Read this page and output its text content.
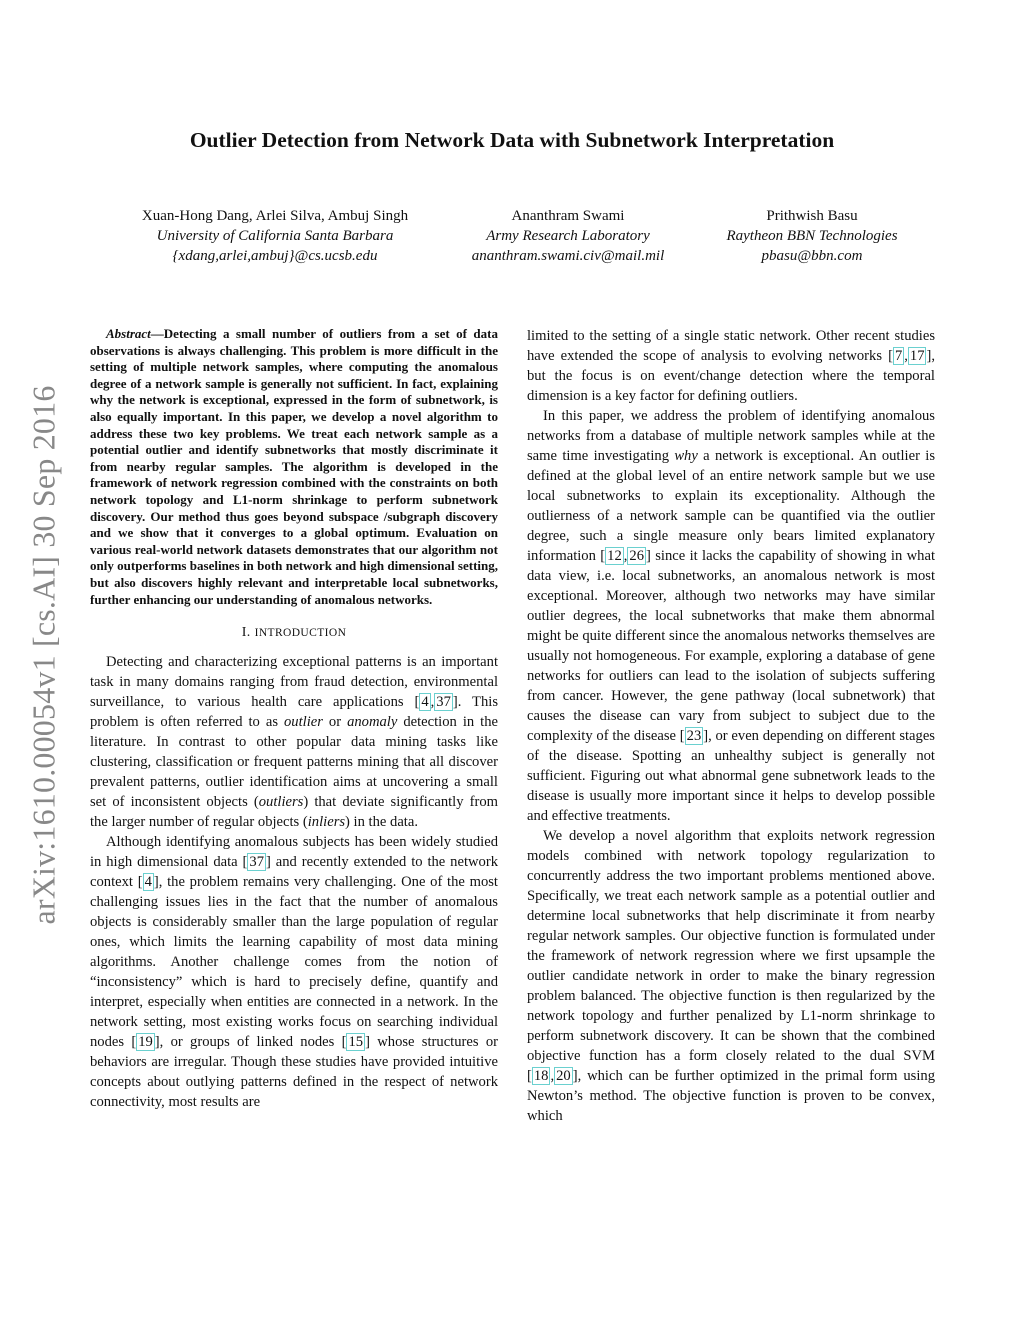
arXiv:1610.00054v1 [cs.AI] 30 Sep 2016
Outlier Detection from Network Data with Subnetwork Interpretation
Xuan-Hong Dang, Arlei Silva, Ambuj Singh
University of California Santa Barbara
{xdang,arlei,ambuj}@cs.ucsb.edu
Ananthram Swami
Army Research Laboratory
ananthram.swami.civ@mail.mil
Prithwish Basu
Raytheon BBN Technologies
pbasu@bbn.com

Abstract—Detecting a small number of outliers from a set of data observations is always challenging. This problem is more difficult in the setting of multiple network samples, where computing the anomalous degree of a network sample is generally not sufficient. In fact, explaining why the network is exceptional, expressed in the form of subnetwork, is also equally important. In this paper, we develop a novel algorithm to address these two key problems. We treat each network sample as a potential outlier and identify subnetworks that mostly discriminate it from nearby regular samples. The algorithm is developed in the framework of network regression combined with the constraints on both network topology and L1-norm shrinkage to perform subnetwork discovery. Our method thus goes beyond subspace /subgraph discovery and we show that it converges to a global optimum. Evaluation on various real-world network datasets demonstrates that our algorithm not only outperforms baselines in both network and high dimensional setting, but also discovers highly relevant and interpretable local subnetworks, further enhancing our understanding of anomalous networks.

I. INTRODUCTION

Detecting and characterizing exceptional patterns is an important task in many domains ranging from fraud detection, environmental surveillance, to various health care applications [ 4 , 37 ]. This problem is often referred to as outlier or anomaly detection in the literature. In contrast to other popular data mining tasks like clustering, classification or frequent patterns mining that all discover prevalent patterns, outlier identification aims at uncovering a small set of inconsistent objects (outliers) that deviate significantly from the larger number of regular objects (inliers) in the data.

Although identifying anomalous subjects has been widely studied in high dimensional data [ 37 ] and recently extended to the network context [ 4 ], the problem remains very challenging. One of the most challenging issues lies in the fact that the number of anomalous objects is considerably smaller than the large population of regular ones, which limits the learning capability of most data mining algorithms. Another challenge comes from the notion of “inconsistency” which is hard to precisely define, quantify and interpret, especially when entities are connected in a network. In the network setting, most existing works focus on searching individual nodes [ 19 ], or groups of linked nodes [ 15 ] whose structures or behaviors are irregular. Though these studies have provided intuitive concepts about outlying patterns defined in the respect of network connectivity, most results are

limited to the setting of a single static network. Other recent studies have extended the scope of analysis to evolving networks [ 7 , 17 ], but the focus is on event/change detection where the temporal dimension is a key factor for defining outliers.

In this paper, we address the problem of identifying anomalous networks from a database of multiple network samples while at the same time investigating why a network is exceptional. An outlier is defined at the global level of an entire network sample but we use local subnetworks to explain its exceptionality. Although the outlierness of a network sample can be quantified via the outlier degree, such a single measure only bears limited explanatory information [ 12 , 26 ] since it lacks the capability of showing in what data view, i.e. local subnetworks, an anomalous network is most exceptional. Moreover, although two networks may have similar outlier degrees, the local subnetworks that make them abnormal might be quite different since the anomalous networks themselves are usually not homogeneous. For example, exploring a database of gene networks for outliers can lead to the isolation of subjects suffering from cancer. However, the gene pathway (local subnetwork) that causes the disease can vary from subject to subject due to the complexity of the disease [ 23 ], or even depending on different stages of the disease. Spotting an unhealthy subject is generally not sufficient. Figuring out what abnormal gene subnetwork leads to the disease is usually more important since it helps to develop possible and effective treatments.

We develop a novel algorithm that exploits network regression models combined with network topology regularization to concurrently address the two important problems mentioned above. Specifically, we treat each network sample as a potential outlier and determine local subnetworks that help discriminate it from nearby regular network samples. Our objective function is formulated under the framework of network regression where we first upsample the outlier candidate network in order to make the binary regression problem balanced. The objective function is then regularized by the network topology and further penalized by L1-norm shrinkage to perform subnetwork discovery. It can be shown that the combined objective function has a form closely related to the dual SVM [ 18 , 20 ], which can be further optimized in the primal form using Newton’s method. The objective function is proven to be convex, which
